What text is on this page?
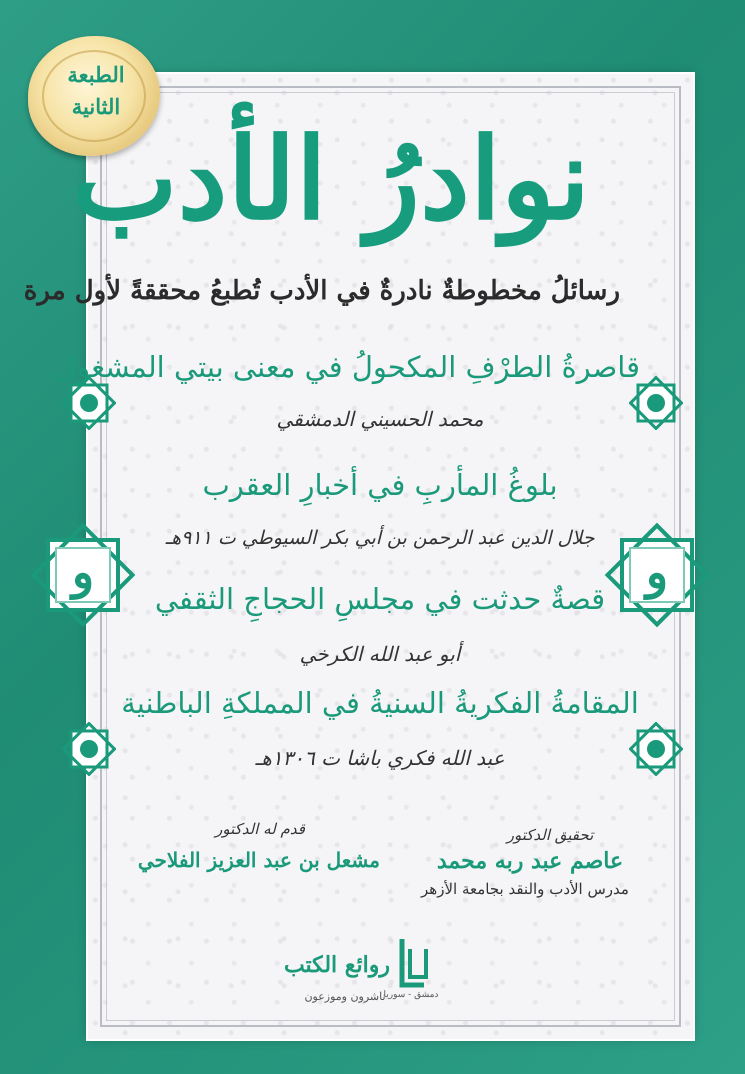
و	و
الطبعة
الثانية
نوادرُ الأدب
رسائلُ مخطوطةٌ نادرةٌ في الأدب تُطبعُ محققةً لأول مرة
قاصرةُ الطرْفِ المكحولُ في معنى بيتي المشغول
محمد الحسيني الدمشقي
بلوغُ المأربِ في أخبارِ العقرب
جلال الدين عبد الرحمن بن أبي بكر السيوطي ت ٩١١هـ
قصةٌ حدثت في مجلسِ الحجاجِ الثقفي
أبو عبد الله الكرخي
المقامةُ الفكريةُ السنيةُ في المملكةِ الباطنية
عبد الله فكري باشا ت ١٣٠٦هـ
تحقيق الدكتور
عاصم عبد ربه محمد
مدرس الأدب والنقد بجامعة الأزهر
قدم له الدكتور
مشعل بن عبد العزيز الفلاحي
دمشق - سوريا
روائع الكتب
ناشرون وموزعون
